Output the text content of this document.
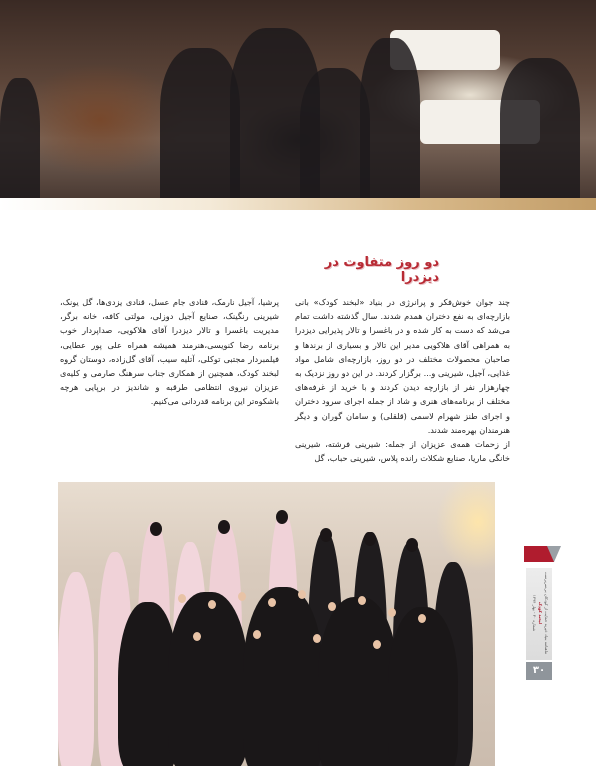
دو روز متفاوت در دیزدرا

چند جوان خوش‌فکر و پرانرژی در بنیاد «لبخند کودک» بانی بازارچه‌ای به نفع دختران همدم شدند. سال گذشته داشت تمام می‌شد که دست به کار شده و در باغسرا و تالار پذیرایی دیزدرا به همراهی آقای هلاکویی مدیر این تالار و بسیاری از برندها و صاحبان محصولات مختلف در دو روز، بازارچه‌ای شامل مواد غذایی، آجیل، شیرینی و... برگزار کردند. در این دو روز نزدیک به چهارهزار نفر از بازارچه دیدن کردند و با خرید از غرفه‌های مختلف از برنامه‌های هنری و شاد از جمله اجرای سرود دختران و اجرای طنز شهرام لاسمی (قلقلی) و سامان گوران و دیگر هنرمندان بهره‌مند شدند.

از زحمات همه‌ی عزیزان از جمله: شیرینی فرشته، شیرینی خانگی ماریا، صنایع شکلات رانده پلاس، شیرینی حباب، گل

پرشیا، آجیل نارمک، قنادی جام عسل، قنادی یزدی‌ها، گل یونک، شیرینی رنگینک، صنایع آجیل دوزلی، مولتی کافه، خانه برگر، مدیریت باغسرا و تالار دیزدرا آقای هلاکویی، صداپردار خوب برنامه رضا کنویسی،هنرمند همیشه همراه علی پور عطایی، فیلمبردار مجتبی توکلی، آتلیه سیب، آقای گل‌زاده، دوستان گروه لبخند کودک، همچنین از همکاری جناب سرهنگ صارمی و کلیه‌ی عزیزان نیروی انتظامی طرقبه و شاندیز در برپایی هرچه باشکوه‌تر این برنامه قدردانی می‌کنیم.

ماهنامه بنیاد خیریه حمایت از کودکان بی‌سرپرست
لبخند کودک
شماره ۳۰ - بهار ۱۳۹۴
۳۰
